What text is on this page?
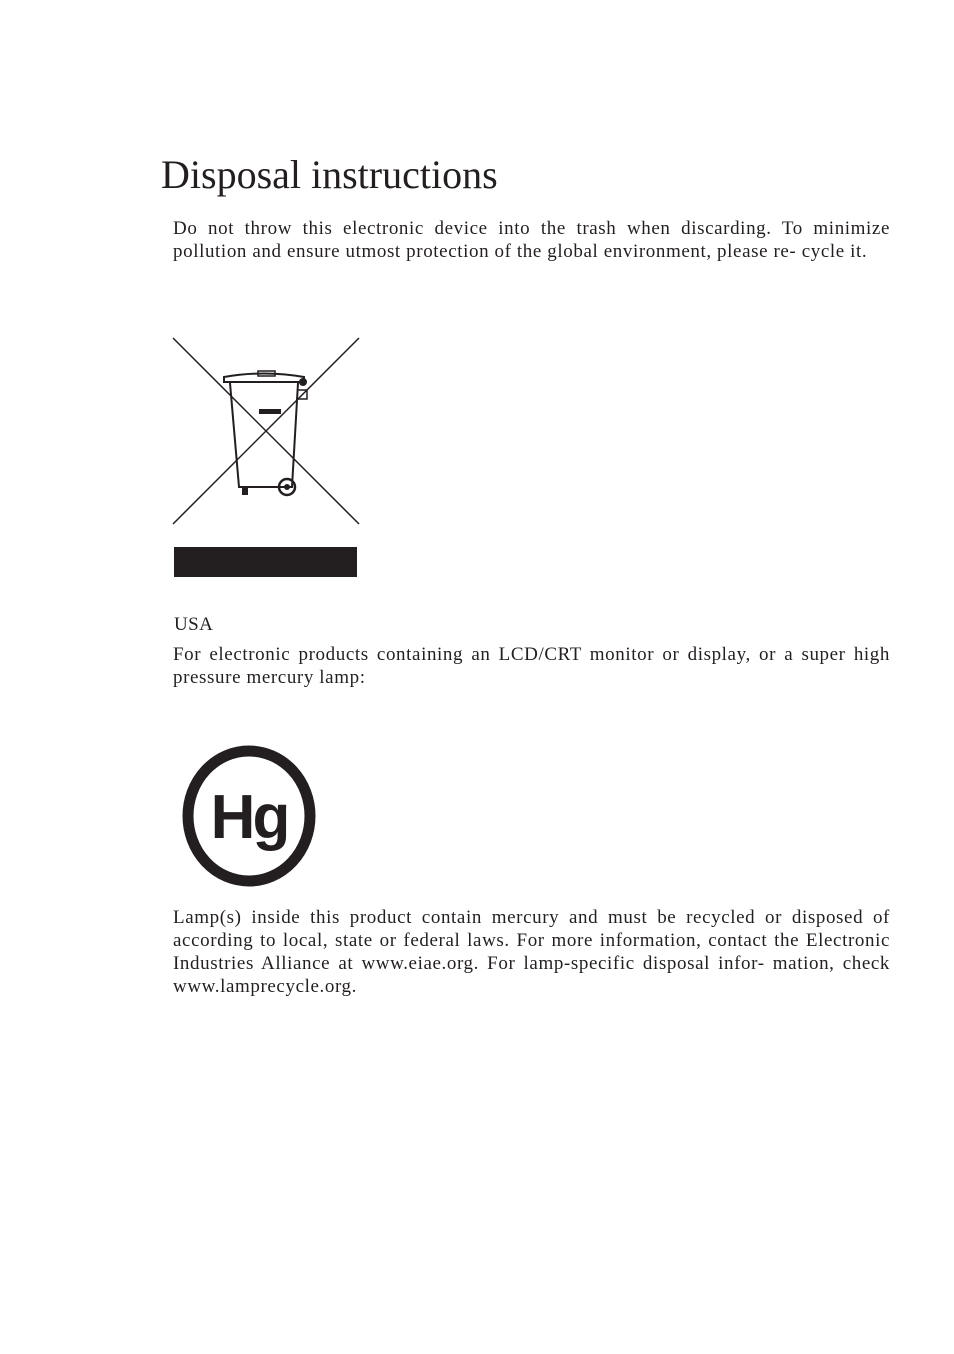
Disposal instructions

Do not throw this electronic device into the trash when discarding. To minimize pollution and ensure utmost protection of the global environment, please re- cycle it.

USA

For electronic products containing an LCD/CRT monitor or display, or a super high pressure mercury lamp:

Hg

Lamp(s) inside this product contain mercury and must be recycled or disposed of according to local, state or federal laws. For more information, contact the Electronic Industries Alliance at www.eiae.org. For lamp-specific disposal infor- mation, check www.lamprecycle.org.
